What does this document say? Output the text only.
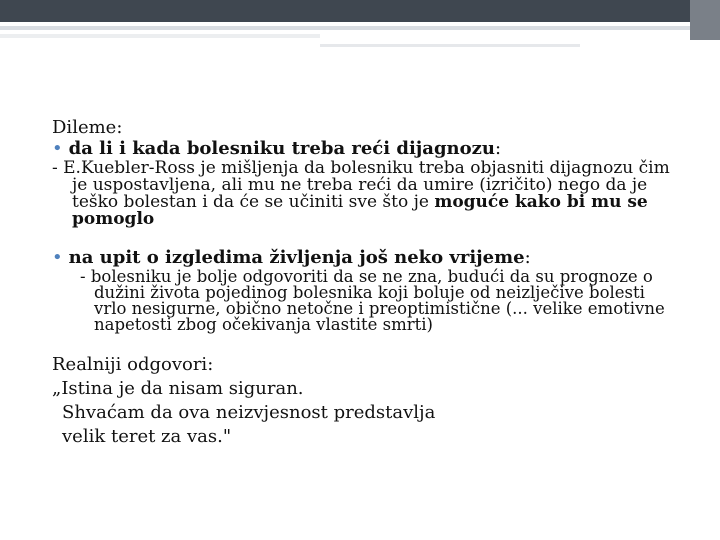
Dileme:

• da li i kada bolesniku treba reći dijagnozu:

- E.Kuebler-Ross je mišljenja da bolesniku treba objasniti dijagnozu čim je uspostavljena, ali mu ne treba reći da umire (izričito) nego da je teško bolestan i da će se učiniti sve što je moguće kako bi mu se pomoglo

• na upit o izgledima življenja još neko vrijeme:

- bolesniku je bolje odgovoriti da se ne zna, budući da su prognoze o dužini života pojedinog bolesnika koji boluje od neizlječive bolesti vrlo nesigurne, obično netočne i preoptimistične (... velike emotivne napetosti zbog očekivanja vlastite smrti)

Realniji odgovori:
„Istina je da nisam siguran.
Shvaćam da ova neizvjesnost predstavlja
velik teret za vas."
